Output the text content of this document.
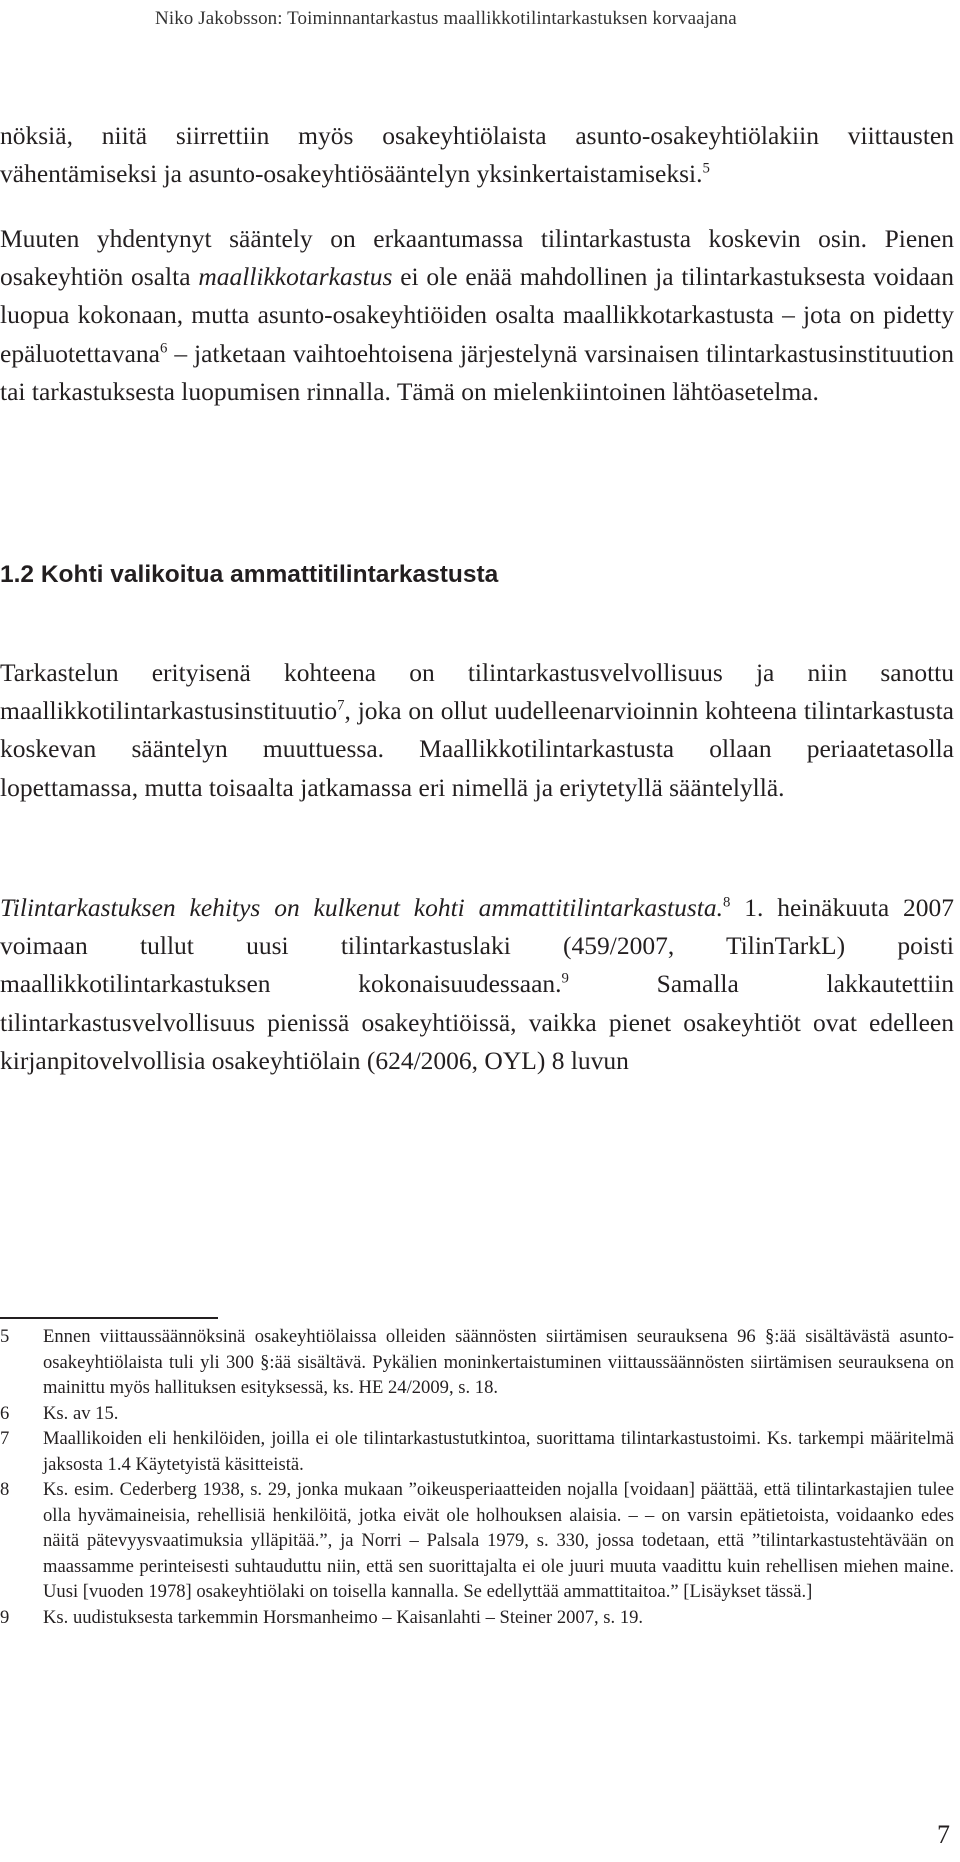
Niko Jakobsson: Toiminnantarkastus maallikkotilintarkastuksen korvaajana

nöksiä, niitä siirrettiin myös osakeyhtiölaista asunto-osakeyhtiölakiin viittausten vähentämiseksi ja asunto-osakeyhtiösääntelyn yksinkertaistamiseksi.$^5$

Muuten yhdentynyt sääntely on erkaantumassa tilintarkastusta koskevin osin. Pienen osakeyhtiön osalta maallikkotarkastus ei ole enää mahdollinen ja tilintarkastuksesta voidaan luopua kokonaan, mutta asunto-osakeyhtiöiden osalta maallikkotarkastusta – jota on pidetty epäluotettavana$^6$ – jatketaan vaihtoehtoisena järjestelynä varsinaisen tilintarkastusinstituution tai tarkastuksesta luopumisen rinnalla. Tämä on mielenkiintoinen lähtöasetelma.

1.2 Kohti valikoitua ammattitilintarkastusta

Tarkastelun erityisenä kohteena on tilintarkastusvelvollisuus ja niin sanottu maallikkotilintarkastusinstituutio$^7$, joka on ollut uudelleenarvioinnin kohteena tilintarkastusta koskevan sääntelyn muuttuessa. Maallikkotilintarkastusta ollaan periaatetasolla lopettamassa, mutta toisaalta jatkamassa eri nimellä ja eriytetyllä sääntelyllä.

Tilintarkastuksen kehitys on kulkenut kohti ammattitilintarkastusta.$^8$ 1. heinäkuuta 2007 voimaan tullut uusi tilintarkastuslaki (459/2007, TilinTarkL) poisti maallikkotilintarkastuksen kokonaisuudessaan.$^9$ Samalla lakkautettiin tilintarkastusvelvollisuus pienissä osakeyhtiöissä, vaikka pienet osakeyhtiöt ovat edelleen kirjanpitovelvollisia osakeyhtiölain (624/2006, OYL) 8 luvun

5 Ennen viittaussäännöksinä osakeyhtiölaissa olleiden säännösten siirtämisen seurauksena 96 §:ää sisältävästä asunto-osakeyhtiölaista tuli yli 300 §:ää sisältävä. Pykälien moninkertaistuminen viittaussäännösten siirtämisen seurauksena on mainittu myös hallituksen esityksessä, ks. HE 24/2009, s. 18.
6 Ks. av 15.
7 Maallikoiden eli henkilöiden, joilla ei ole tilintarkastustutkintoa, suorittama tilintarkastustoimi. Ks. tarkempi määritelmä jaksosta 1.4 Käytetyistä käsitteistä.
8 Ks. esim. Cederberg 1938, s. 29, jonka mukaan ”oikeusperiaatteiden nojalla [voidaan] päättää, että tilintarkastajien tulee olla hyvämaineisia, rehellisiä henkilöitä, jotka eivät ole holhouksen alaisia. – – on varsin epätietoista, voidaanko edes näitä pätevyysvaatimuksia ylläpitää.”, ja Norri – Palsala 1979, s. 330, jossa todetaan, että ”tilintarkastustehtävään on maassamme perinteisesti suhtauduttu niin, että sen suorittajalta ei ole juuri muuta vaadittu kuin rehellisen miehen maine. Uusi [vuoden 1978] osakeyhtiölaki on toisella kannalla. Se edellyttää ammattitaitoa.” [Lisäykset tässä.]
9 Ks. uudistuksesta tarkemmin Horsmanheimo – Kaisanlahti – Steiner 2007, s. 19.
7
